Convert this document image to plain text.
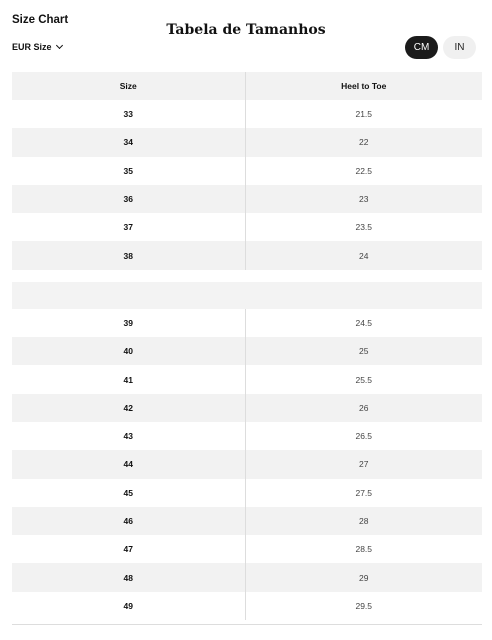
Size Chart
EUR Size
Tabela de Tamanhos
CM	IN
Size	Heel to Toe
33	21.5
34	22
35	22.5
36	23
37	23.5
38	24
39	24.5
40	25
41	25.5
42	26
43	26.5
44	27
45	27.5
46	28
47	28.5
48	29
49	29.5
